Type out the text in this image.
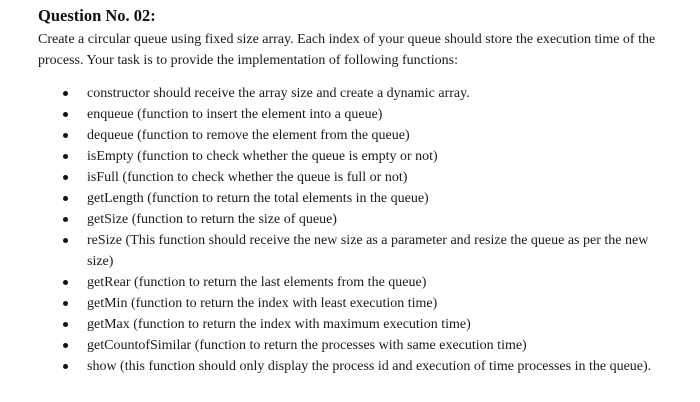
Question No. 02:

Create a circular queue using fixed size array. Each index of your queue should store the execution time of the process. Your task is to provide the implementation of following functions:

constructor should receive the array size and create a dynamic array.
enqueue (function to insert the element into a queue)
dequeue (function to remove the element from the queue)
isEmpty (function to check whether the queue is empty or not)
isFull (function to check whether the queue is full or not)
getLength (function to return the total elements in the queue)
getSize (function to return the size of queue)
reSize (This function should receive the new size as a parameter and resize the queue as per the new size)
getRear (function to return the last elements from the queue)
getMin (function to return the index with least execution time)
getMax (function to return the index with maximum execution time)
getCountofSimilar (function to return the processes with same execution time)
show (this function should only display the process id and execution of time processes in the queue).
